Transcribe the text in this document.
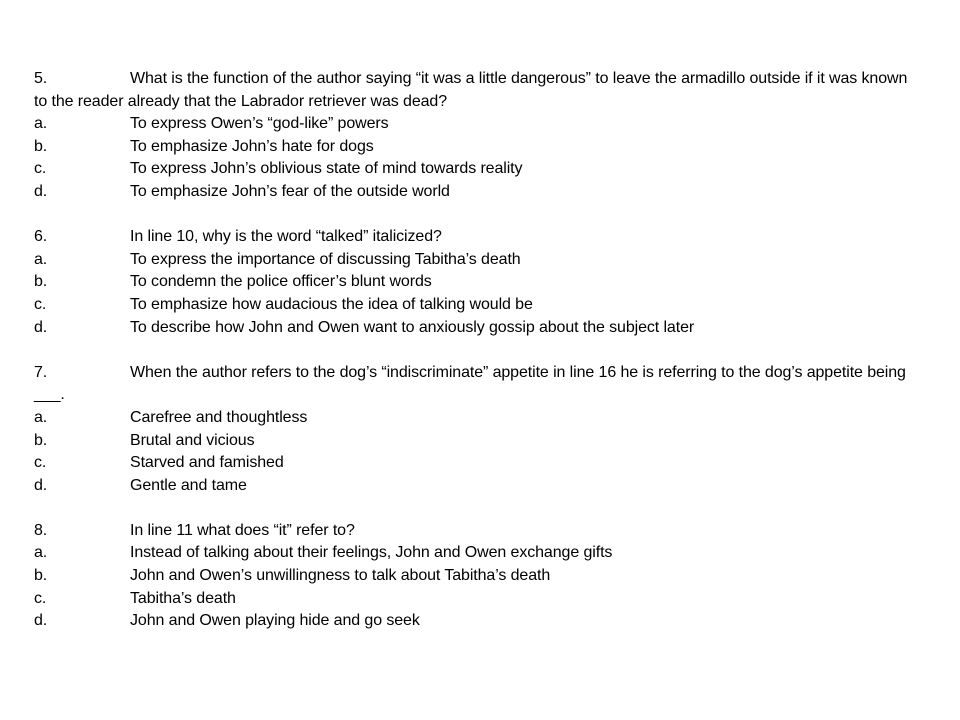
5.	What is the function of the author saying “it was a little dangerous” to leave the armadillo outside if it was known to the reader already that the Labrador retriever was dead?
a.	To express Owen’s “god-like” powers
b.	To emphasize John’s hate for dogs
c.	To express John’s oblivious state of mind towards reality
d.	To emphasize John’s fear of the outside world
6.	In line 10, why is the word “talked” italicized?
a.	To express the importance of discussing Tabitha’s death
b.	To condemn the police officer’s blunt words
c.	To emphasize how audacious the idea of talking would be
d.	To describe how John and Owen want to anxiously gossip about the subject later
7.	When the author refers to the dog’s “indiscriminate” appetite in line 16 he is referring to the dog’s appetite being ___.
a.	Carefree and thoughtless
b.	Brutal and vicious
c.	Starved and famished
d.	Gentle and tame
8.	In line 11 what does “it” refer to?
a.	Instead of talking about their feelings, John and Owen exchange gifts
b.	John and Owen’s unwillingness to talk about Tabitha’s death
c.	Tabitha’s death
d.	John and Owen playing hide and go seek
